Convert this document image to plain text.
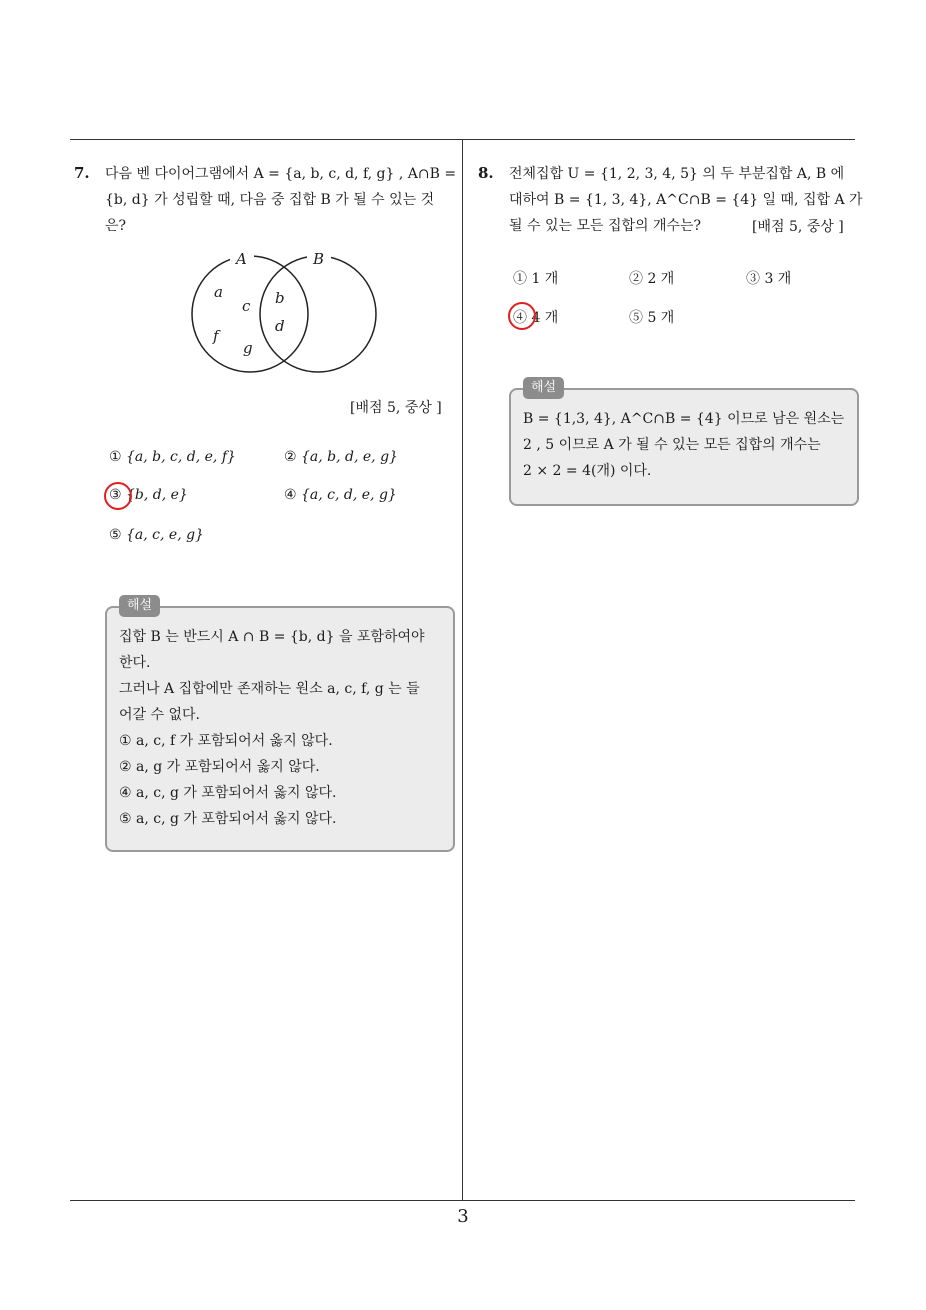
7. 다음 벤 다이어그램에서 A = {a, b, c, d, f, g} , A∩B =
{b, d} 가 성립할 때, 다음 중 집합 B 가 될 수 있는 것
은?
A	B
a
c
f
g
b
d
[배점 5, 중상 ]
① {a, b, c, d, e, f}	② {a, b, d, e, g}
③ {b, d, e}	④ {a, c, d, e, g}
⑤ {a, c, e, g}
해설
집합 B 는 반드시 A ∩ B = {b, d} 을 포함하여야
한다.
그러나 A 집합에만 존재하는 원소 a, c, f, g 는 들
어갈 수 없다.
① a, c, f 가 포함되어서 옳지 않다.
② a, g 가 포함되어서 옳지 않다.
④ a, c, g 가 포함되어서 옳지 않다.
⑤ a, c, g 가 포함되어서 옳지 않다.
8. 전체집합 U = {1, 2, 3, 4, 5} 의 두 부분집합 A, B 에
대하여 B = {1, 3, 4}, A^C∩B = {4} 일 때, 집합 A 가
될 수 있는 모든 집합의 개수는?	[배점 5, 중상 ]
① 1 개	② 2 개	③ 3 개
④ 4 개	⑤ 5 개
해설
B = {1,3, 4}, A^C∩B = {4} 이므로 남은 원소는
2 , 5 이므로 A 가 될 수 있는 모든 집합의 개수는
2 × 2 = 4(개) 이다.
3
